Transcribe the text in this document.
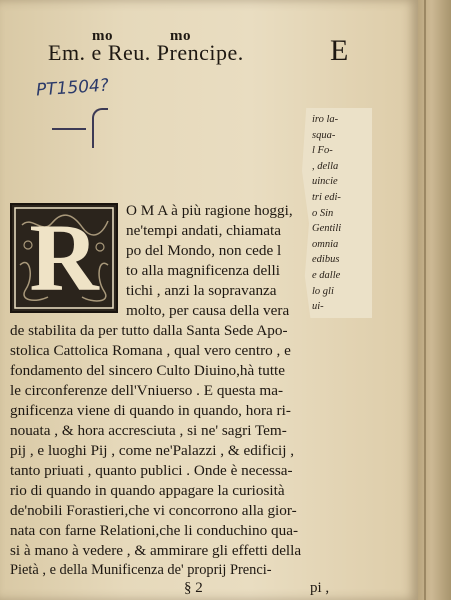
mo	mo
Em. e Reu. Prencipe.	E
PT1504?
iro la-
squa-
l Fo-
, della
uincie
tri edi-
o Sin
Gentili
omnia
edibus
e dalle
lo gli
ui-
R	O M A à più ragione hoggi,
ne'tempi andati, chiamata
po del Mondo, non cede l
to alla magnificenza delli
tichi , anzi la sopravanza
molto, per causa della vera
de stabilita da per tutto dalla Santa Sede Apo-
stolica Cattolica Romana , qual vero centro , e
fondamento del sincero Culto Diuino,hà tutte
le circonferenze dell'Vniuerso . E questa ma-
gnificenza viene di quando in quando, hora ri-
nouata , & hora accresciuta , si ne' sagri Tem-
pij , e luoghi Pij , come ne'Palazzi , & edificij ,
tanto priuati , quanto publici . Onde è necessa-
rio di quando in quando appagare la curiosità
de'nobili Forastieri,che vi concorrono alla gior-
nata con farne Relationi,che li conduchino qua-
si à mano à vedere , & ammirare gli effetti della
Pietà , e della Munificenza de' proprij Prenci-
§ 2	pi ,
